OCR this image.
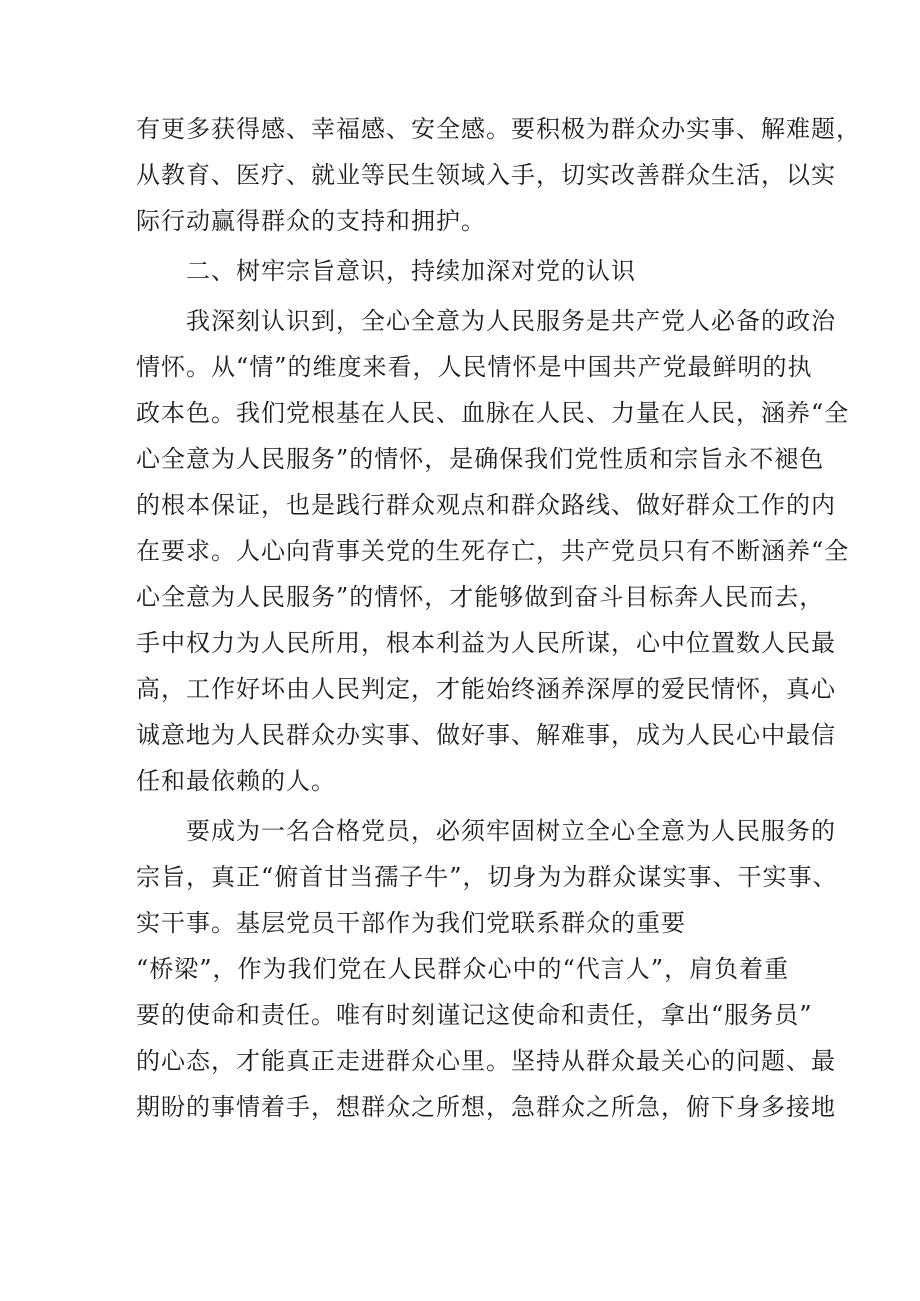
有更多获得感、幸福感、安全感。要积极为群众办实事、解难题，
从教育、医疗、就业等民生领域入手，切实改善群众生活，以实
际行动赢得群众的支持和拥护。
二、树牢宗旨意识，持续加深对党的认识
我深刻认识到，全心全意为人民服务是共产党人必备的政治
情怀。从“情”的维度来看，人民情怀是中国共产党最鲜明的执
政本色。我们党根基在人民、血脉在人民、力量在人民，涵养“全
心全意为人民服务”的情怀，是确保我们党性质和宗旨永不褪色
的根本保证，也是践行群众观点和群众路线、做好群众工作的内
在要求。人心向背事关党的生死存亡，共产党员只有不断涵养“全
心全意为人民服务”的情怀，才能够做到奋斗目标奔人民而去，
手中权力为人民所用，根本利益为人民所谋，心中位置数人民最
高，工作好坏由人民判定，才能始终涵养深厚的爱民情怀，真心
诚意地为人民群众办实事、做好事、解难事，成为人民心中最信
任和最依赖的人。
要成为一名合格党员，必须牢固树立全心全意为人民服务的
宗旨，真正“俯首甘当孺子牛”，切身为为群众谋实事、干实事、
实干事。基层党员干部作为我们党联系群众的重要
“桥梁”，作为我们党在人民群众心中的“代言人”，肩负着重
要的使命和责任。唯有时刻谨记这使命和责任，拿出“服务员”
的心态，才能真正走进群众心里。坚持从群众最关心的问题、最
期盼的事情着手，想群众之所想，急群众之所急，俯下身多接地
